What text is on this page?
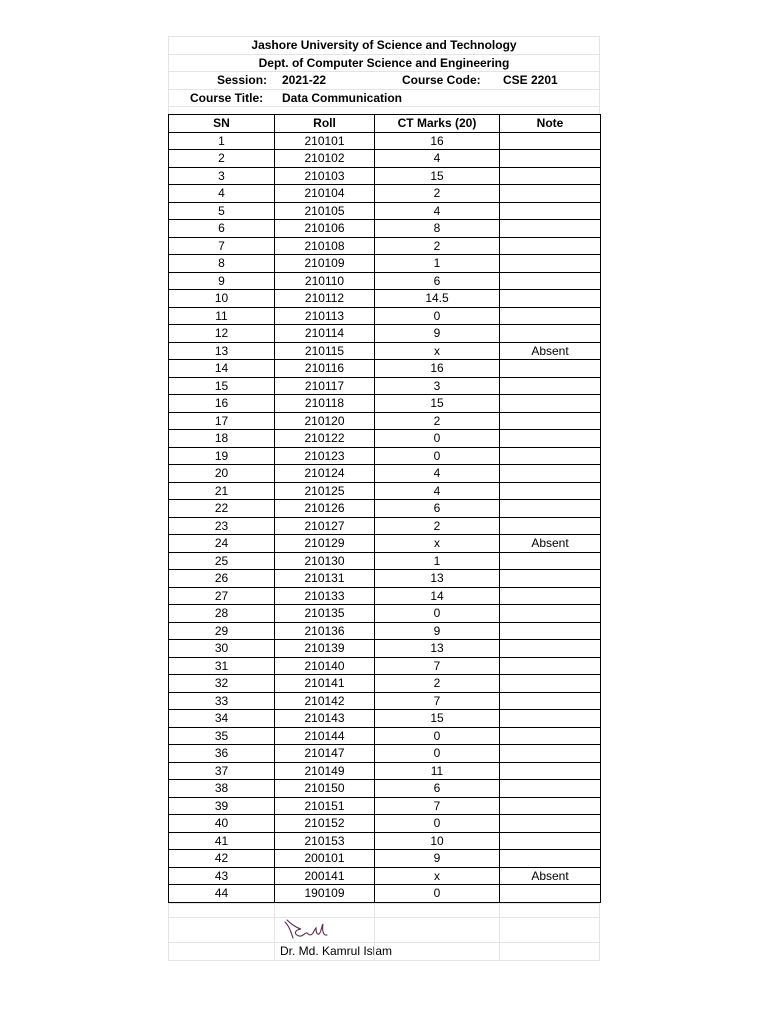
Jashore University of Science and Technology
Dept. of Computer Science and Engineering
Session: 2021-22	Course Code: CSE 2201
Course Title: Data Communication
SN	Roll	CT Marks (20)	Note
1	210101	16	
2	210102	4	
3	210103	15	
4	210104	2	
5	210105	4	
6	210106	8	
7	210108	2	
8	210109	1	
9	210110	6	
10	210112	14.5	
11	210113	0	
12	210114	9	
13	210115	x	Absent
14	210116	16	
15	210117	3	
16	210118	15	
17	210120	2	
18	210122	0	
19	210123	0	
20	210124	4	
21	210125	4	
22	210126	6	
23	210127	2	
24	210129	x	Absent
25	210130	1	
26	210131	13	
27	210133	14	
28	210135	0	
29	210136	9	
30	210139	13	
31	210140	7	
32	210141	2	
33	210142	7	
34	210143	15	
35	210144	0	
36	210147	0	
37	210149	11	
38	210150	6	
39	210151	7	
40	210152	0	
41	210153	10	
42	200101	9	
43	200141	x	Absent
44	190109	0	
Dr. Md. Kamrul Islam
